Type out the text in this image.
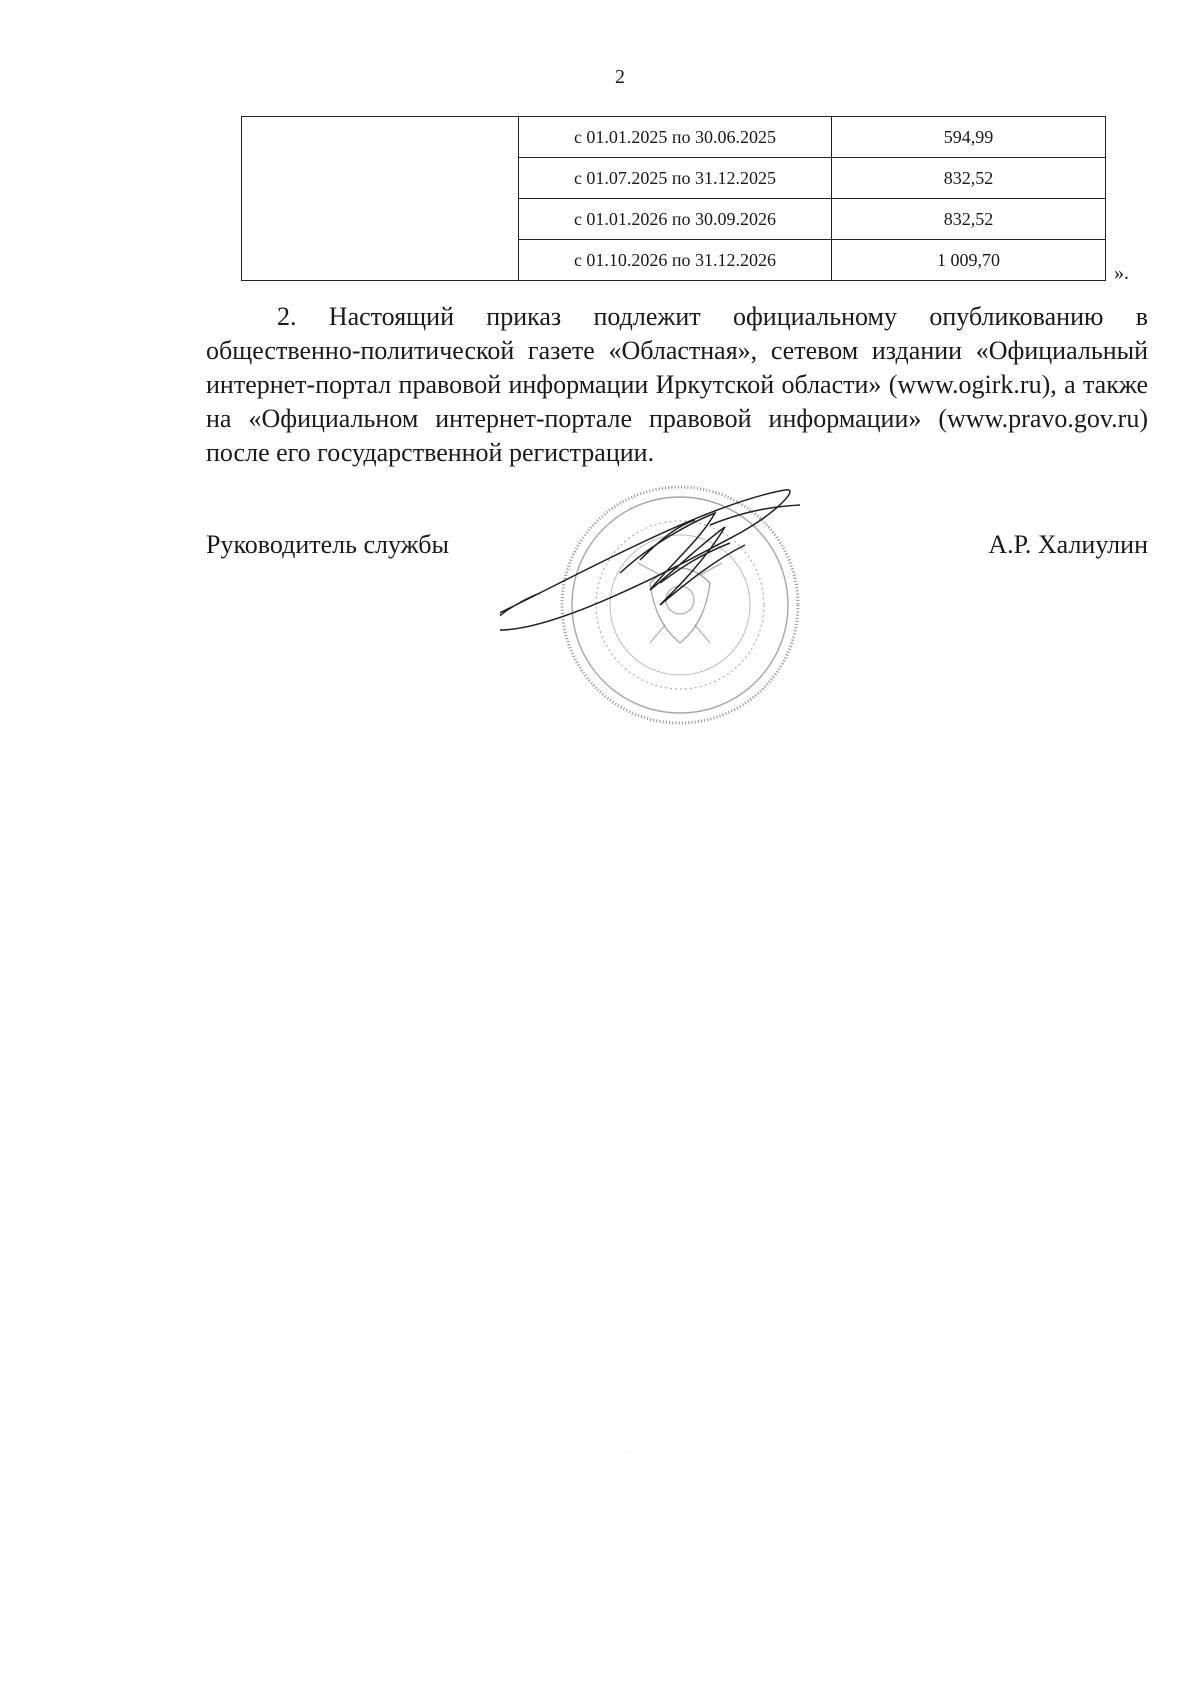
2
	с 01.01.2025 по 30.06.2025	594,99
	с 01.07.2025 по 31.12.2025	832,52
	с 01.01.2026 по 30.09.2026	832,52
	с 01.10.2026 по 31.12.2026	1 009,70
».
2. Настоящий приказ подлежит официальному опубликованию в общественно-политической газете «Областная», сетевом издании «Официальный интернет-портал правовой информации Иркутской области» (www.ogirk.ru), а также на «Официальном интернет-портале правовой информации» (www.pravo.gov.ru) после его государственной регистрации.
Руководитель службы	А.Р. Халиулин
·
